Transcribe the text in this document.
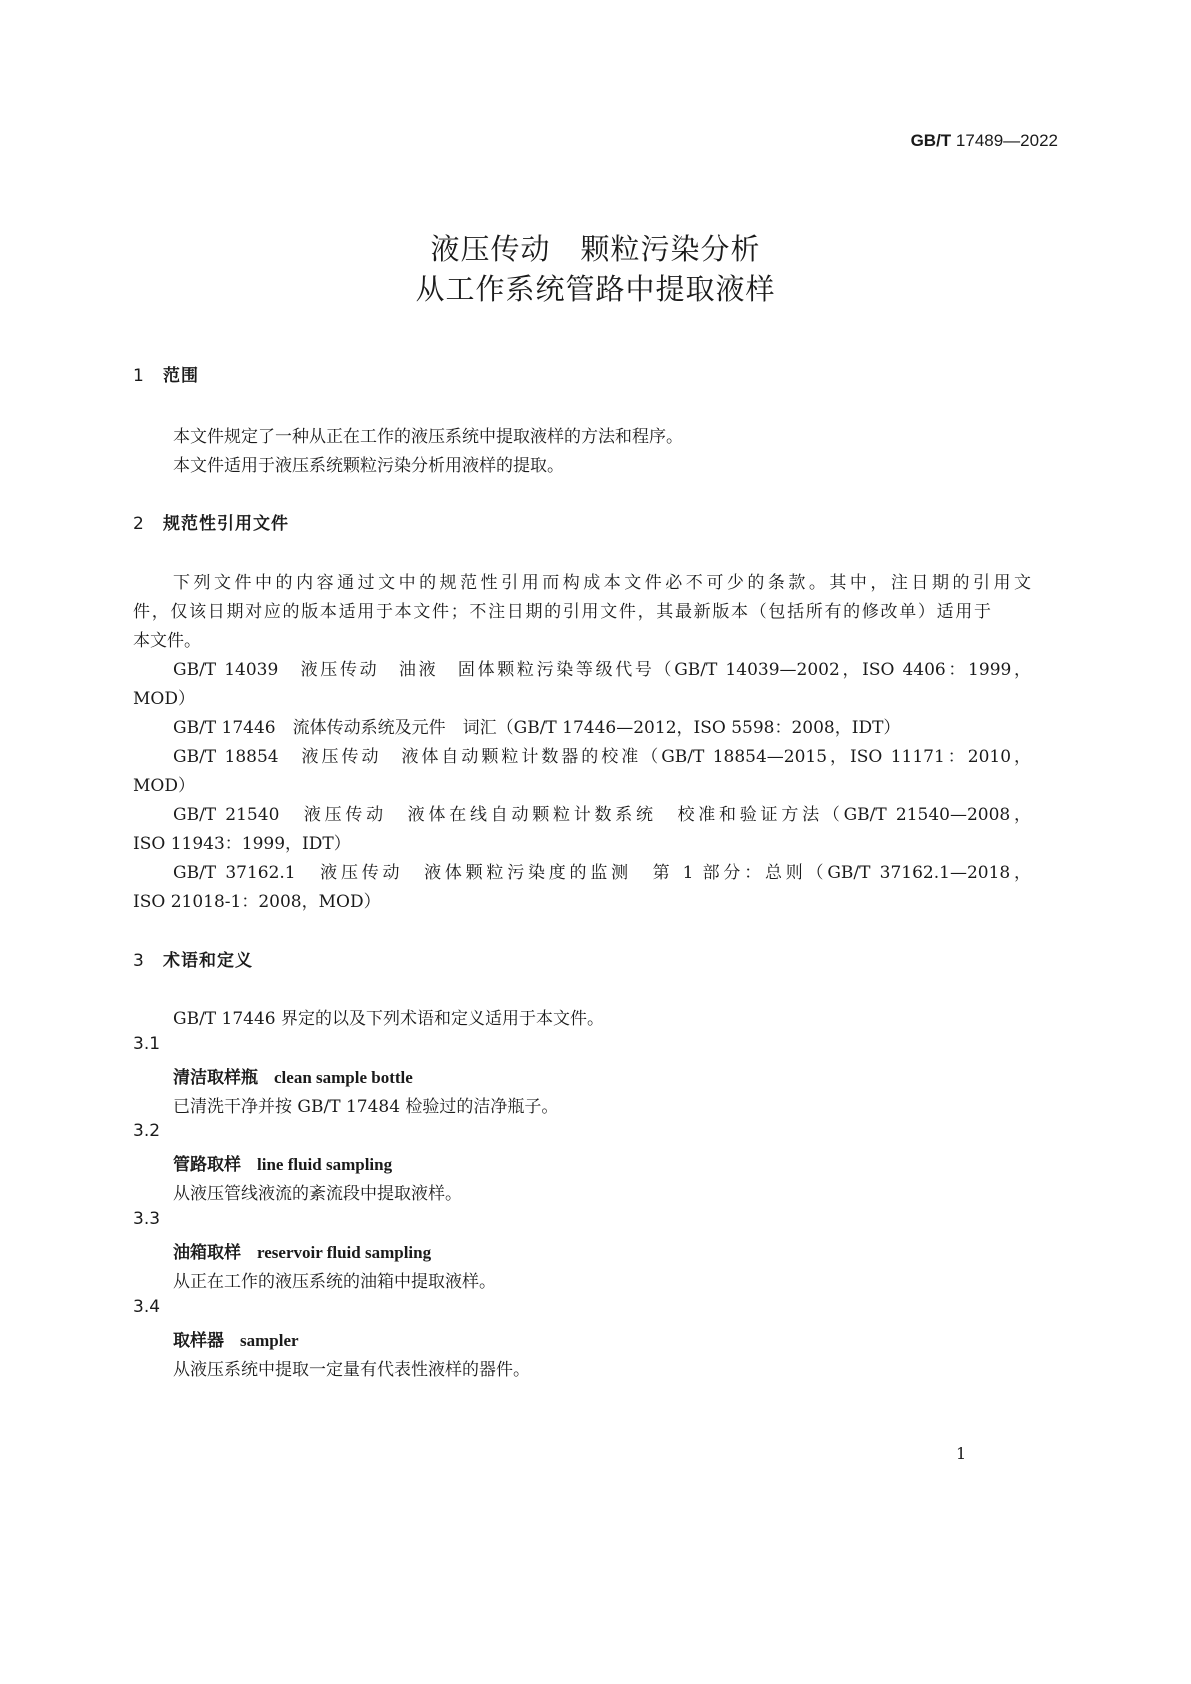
GB/T 17489—2022
液压传动　颗粒污染分析
从工作系统管路中提取液样
1 范围
本文件规定了一种从正在工作的液压系统中提取液样的方法和程序。
本文件适用于液压系统颗粒污染分析用液样的提取。
2 规范性引用文件
下列文件中的内容通过文中的规范性引用而构成本文件必不可少的条款。其中，注日期的引用文
件，仅该日期对应的版本适用于本文件；不注日期的引用文件，其最新版本（包括所有的修改单）适用于
本文件。
GB/T 14039　液压传动　油液　固体颗粒污染等级代号（GB/T 14039—2002，ISO 4406：1999，
MOD）
GB/T 17446　流体传动系统及元件　词汇（GB/T 17446—2012，ISO 5598：2008，IDT）
GB/T 18854　液压传动　液体自动颗粒计数器的校准（GB/T 18854—2015，ISO 11171：2010，
MOD）
GB/T 21540　液压传动　液体在线自动颗粒计数系统　校准和验证方法（GB/T 21540—2008，
ISO 11943：1999，IDT）
GB/T 37162.1　液压传动　液体颗粒污染度的监测　第 1 部分：总则（GB/T 37162.1—2018，
ISO 21018-1：2008，MOD）
3 术语和定义
GB/T 17446 界定的以及下列术语和定义适用于本文件。
3.1
清洁取样瓶 clean sample bottle
已清洗干净并按 GB/T 17484 检验过的洁净瓶子。
3.2
管路取样 line fluid sampling
从液压管线液流的紊流段中提取液样。
3.3
油箱取样 reservoir fluid sampling
从正在工作的液压系统的油箱中提取液样。
3.4
取样器 sampler
从液压系统中提取一定量有代表性液样的器件。
1
